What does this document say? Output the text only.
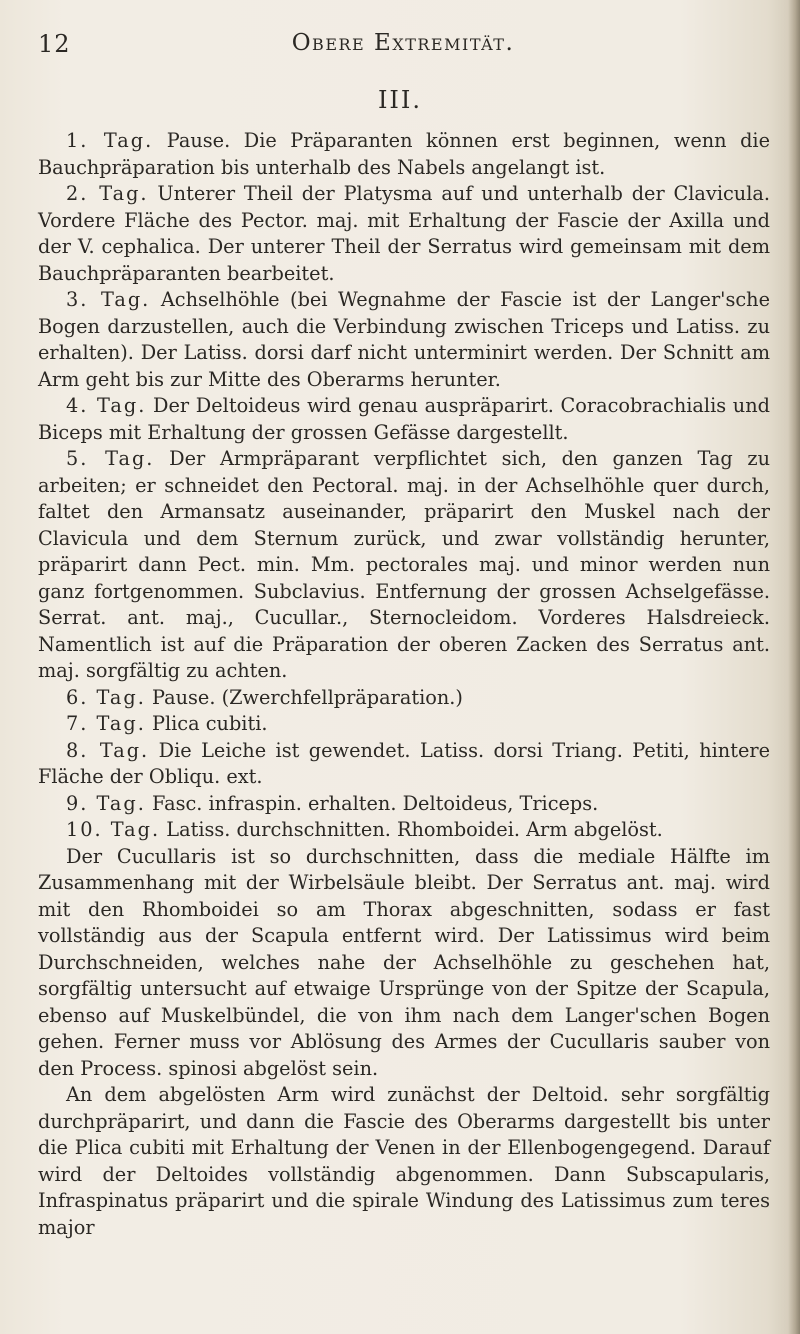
12	Obere Extremität.
III.

1. Tag. Pause. Die Präparanten können erst beginnen, wenn die Bauchpräparation bis unterhalb des Nabels angelangt ist.

2. Tag. Unterer Theil der Platysma auf und unterhalb der Clavicula. Vordere Fläche des Pector. maj. mit Erhaltung der Fascie der Axilla und der V. cephalica. Der unterer Theil der Serratus wird gemeinsam mit dem Bauchpräparanten bearbeitet.

3. Tag. Achselhöhle (bei Wegnahme der Fascie ist der Langer'sche Bogen darzustellen, auch die Verbindung zwischen Triceps und Latiss. zu erhalten). Der Latiss. dorsi darf nicht unterminirt werden. Der Schnitt am Arm geht bis zur Mitte des Oberarms herunter.

4. Tag. Der Deltoideus wird genau auspräparirt. Coracobrachialis und Biceps mit Erhaltung der grossen Gefässe dargestellt.

5. Tag. Der Armpräparant verpflichtet sich, den ganzen Tag zu arbeiten; er schneidet den Pectoral. maj. in der Achselhöhle quer durch, faltet den Armansatz auseinander, präparirt den Muskel nach der Clavicula und dem Sternum zurück, und zwar vollständig herunter, präparirt dann Pect. min. Mm. pectorales maj. und minor werden nun ganz fortgenommen. Subclavius. Entfernung der grossen Achselgefässe. Serrat. ant. maj., Cucullar., Sternocleidom. Vorderes Halsdreieck. Namentlich ist auf die Präparation der oberen Zacken des Serratus ant. maj. sorgfältig zu achten.

6. Tag. Pause. (Zwerchfellpräparation.)

7. Tag. Plica cubiti.

8. Tag. Die Leiche ist gewendet. Latiss. dorsi Triang. Petiti, hintere Fläche der Obliqu. ext.

9. Tag. Fasc. infraspin. erhalten. Deltoideus, Triceps.

10. Tag. Latiss. durchschnitten. Rhomboidei. Arm abgelöst.

Der Cucullaris ist so durchschnitten, dass die mediale Hälfte im Zusammenhang mit der Wirbelsäule bleibt. Der Serratus ant. maj. wird mit den Rhomboidei so am Thorax abgeschnitten, sodass er fast vollständig aus der Scapula entfernt wird. Der Latissimus wird beim Durchschneiden, welches nahe der Achselhöhle zu geschehen hat, sorgfältig untersucht auf etwaige Ursprünge von der Spitze der Scapula, ebenso auf Muskelbündel, die von ihm nach dem Langer'schen Bogen gehen. Ferner muss vor Ablösung des Armes der Cucullaris sauber von den Process. spinosi abgelöst sein.

An dem abgelösten Arm wird zunächst der Deltoid. sehr sorgfältig durchpräparirt, und dann die Fascie des Oberarms dargestellt bis unter die Plica cubiti mit Erhaltung der Venen in der Ellenbogengegend. Darauf wird der Deltoides vollständig abgenommen. Dann Subscapularis, Infraspinatus präparirt und die spirale Windung des Latissimus zum teres major
